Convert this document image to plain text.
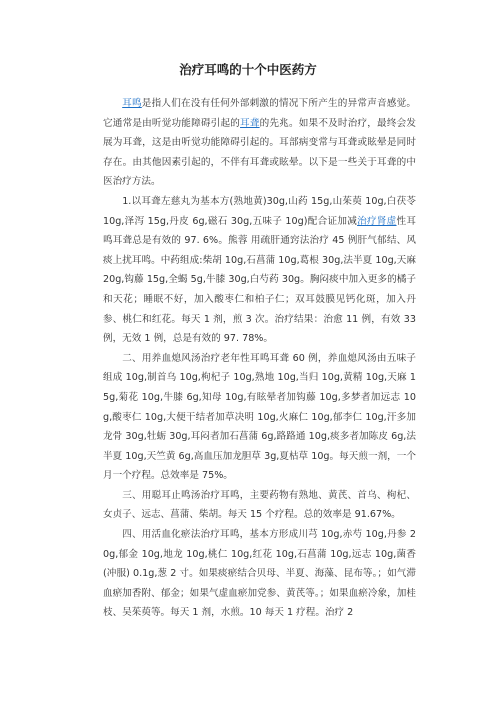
治疗耳鸣的十个中医药方

耳鸣是指人们在没有任何外部刺激的情况下所产生的异常声音感觉。它通常是由听觉功能障碍引起的耳聋的先兆。如果不及时治疗，最终会发展为耳聋，这是由听觉功能障碍引起的。耳部病变常与耳聋或眩晕是同时存在。由其他因素引起的，不伴有耳聋或眩晕。以下是一些关于耳聋的中医治疗方法。

1.以耳聋左慈丸为基本方(熟地黄)30g,山药 15g,山茱萸 10g,白茯苓10g,泽泻 15g,丹皮 6g,磁石 30g,五味子 10g)配合证加减治疗肾虚性耳鸣耳聋总是有效的 97. 6%。熊蓉 用疏肝通窍法治疗 45 例肝气郁结、风痰上扰耳鸣。中药组成:柴胡 10g,石菖蒲 10g,葛根 30g,法半夏 10g,天麻 20g,钩藤 15g,全蝎 5g,牛膝 30g,白芍药 30g。胸闷痰中加入更多的橘子和天花；睡眠不好，加入酸枣仁和柏子仁；双耳鼓膜见钙化斑，加入丹参、桃仁和红花。每天 1 剂，煎 3 次。治疗结果：治愈 11 例，有效 33 例，无效 1 例，总是有效的 97. 78%。

二、用养血熄风汤治疗老年性耳鸣耳聋 60 例，养血熄风汤由五味子组成 10g,制首乌 10g,枸杞子 10g,熟地 10g,当归 10g,黄精 10g,天麻 15g,菊花 10g,牛膝 6g,知母 10g,有眩晕者加钩藤 10g,多梦者加远志 10g,酸枣仁 10g,大便干结者加草决明 10g,火麻仁 10g,郁李仁 10g,汗多加龙骨 30g,牡蛎 30g,耳闷者加石菖蒲 6g,路路通 10g,痰多者加陈皮 6g,法半夏 10g,天竺黄 6g,高血压加龙胆草 3g,夏枯草 10g。每天煎一剂，一个月一个疗程。总效率是 75%。

三、用聪耳止鸣汤治疗耳鸣，主要药物有熟地、黄芪、首乌、枸杞、女贞子、远志、菖蒲、柴胡。每天 15 个疗程。总的效率是 91.67%。

四、用活血化瘀法治疗耳鸣，基本方形成川芎 10g,赤芍 10g,丹参 20g,郁金 10g,地龙 10g,桃仁 10g,红花 10g,石菖蒲 10g,远志 10g,菌香(冲服) 0.1g,葱 2 寸。如果痰瘀结合贝母、半夏、海藻、昆布等。；如气滞血瘀加香附、郁金；如果气虚血瘀加党参、黄芪等。；如果血瘀冷象，加桂枝、吴茱萸等。每天 1 剂，水煎。10 每天 1 疗程。治疗 2
